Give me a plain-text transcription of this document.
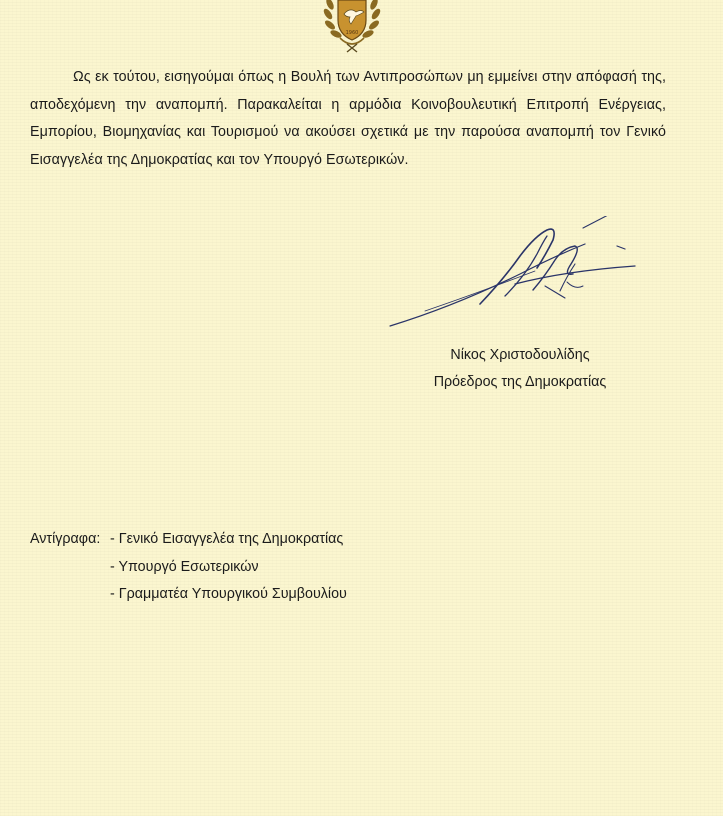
1960

Ως εκ τούτου, εισηγούμαι όπως η Βουλή των Αντιπροσώπων μη εμμείνει στην απόφασή της, αποδεχόμενη την αναπομπή. Παρακαλείται η αρμόδια Κοινοβουλευτική Επιτροπή Ενέργειας, Εμπορίου, Βιομηχανίας και Τουρισμού να ακούσει σχετικά με την παρούσα αναπομπή τον Γενικό Εισαγγελέα της Δημοκρατίας και τον Υπουργό Εσωτερικών.

Νίκος Χριστοδουλίδης
Πρόεδρος της Δημοκρατίας
Αντίγραφα: - Γενικό Εισαγγελέα της Δημοκρατίας
- Υπουργό Εσωτερικών
- Γραμματέα Υπουργικού Συμβουλίου
